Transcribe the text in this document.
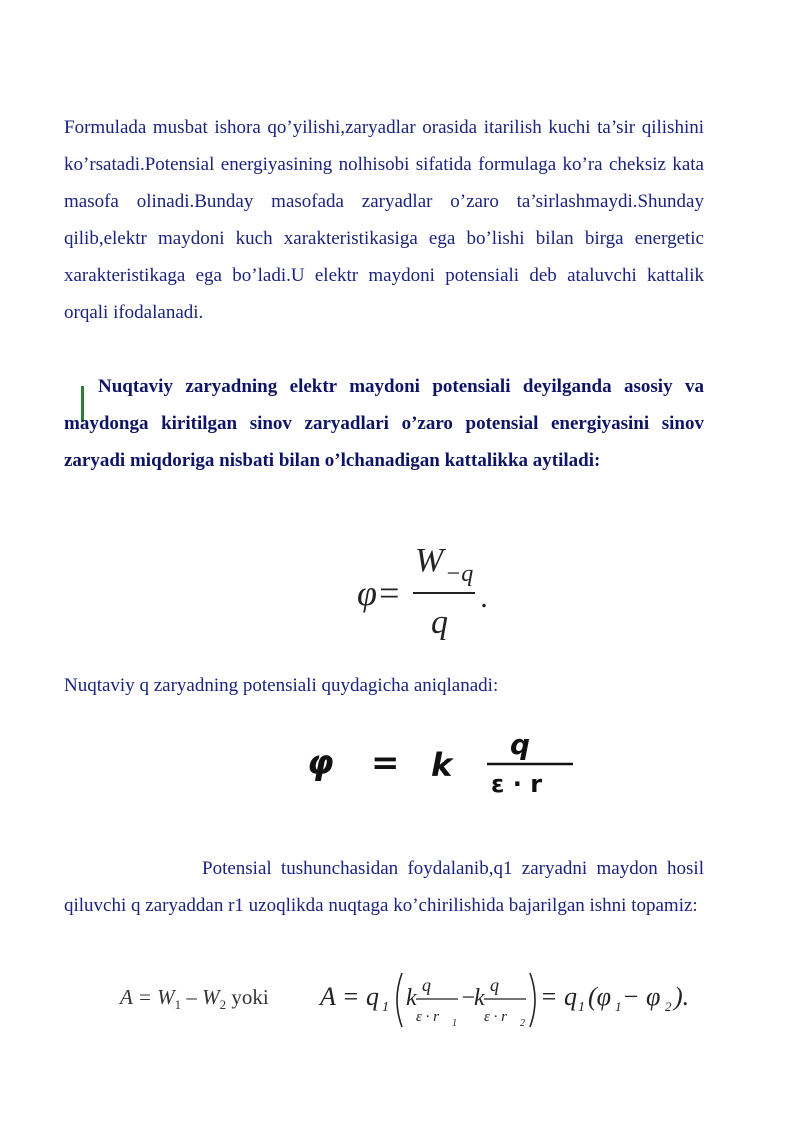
Formulada musbat ishora qo’yilishi,zaryadlar orasida itarilish kuchi ta’sir qilishini ko’rsatadi.Potensial energiyasining nolhisobi sifatida formulaga ko’ra cheksiz kata masofa olinadi.Bunday masofada zaryadlar o’zaro ta’sirlashmaydi.Shunday qilib,elektr maydoni kuch xarakteristikasiga ega bo’lishi bilan birga energetic xarakteristikaga ega bo’ladi.U elektr maydoni potensiali deb ataluvchi kattalik orqali ifodalanadi.

Nuqtaviy zaryadning elektr maydoni potensiali deyilganda asosiy va maydonga kiritilgan sinov zaryadlari o’zaro potensial energiyasini sinov zaryadi miqdoriga nisbati bilan o’lchanadigan kattalikka aytiladi:

φ=
W −q
q
.

Nuqtaviy q zaryadning potensiali quydagicha aniqlanadi:

φ = k
q
ε · r

Potensial tushunchasidan foydalanib,q1 zaryadni maydon hosil qiluvchi q zaryaddan r1 uzoqlikda nuqtaga ko’chirilishida bajarilgan ishni topamiz:

$A = W_1 - W_2$ yoki A = q 1 k q
ε · r 1
−
k q
ε · r 2
= q 1 (φ 1 − φ 2 ).
